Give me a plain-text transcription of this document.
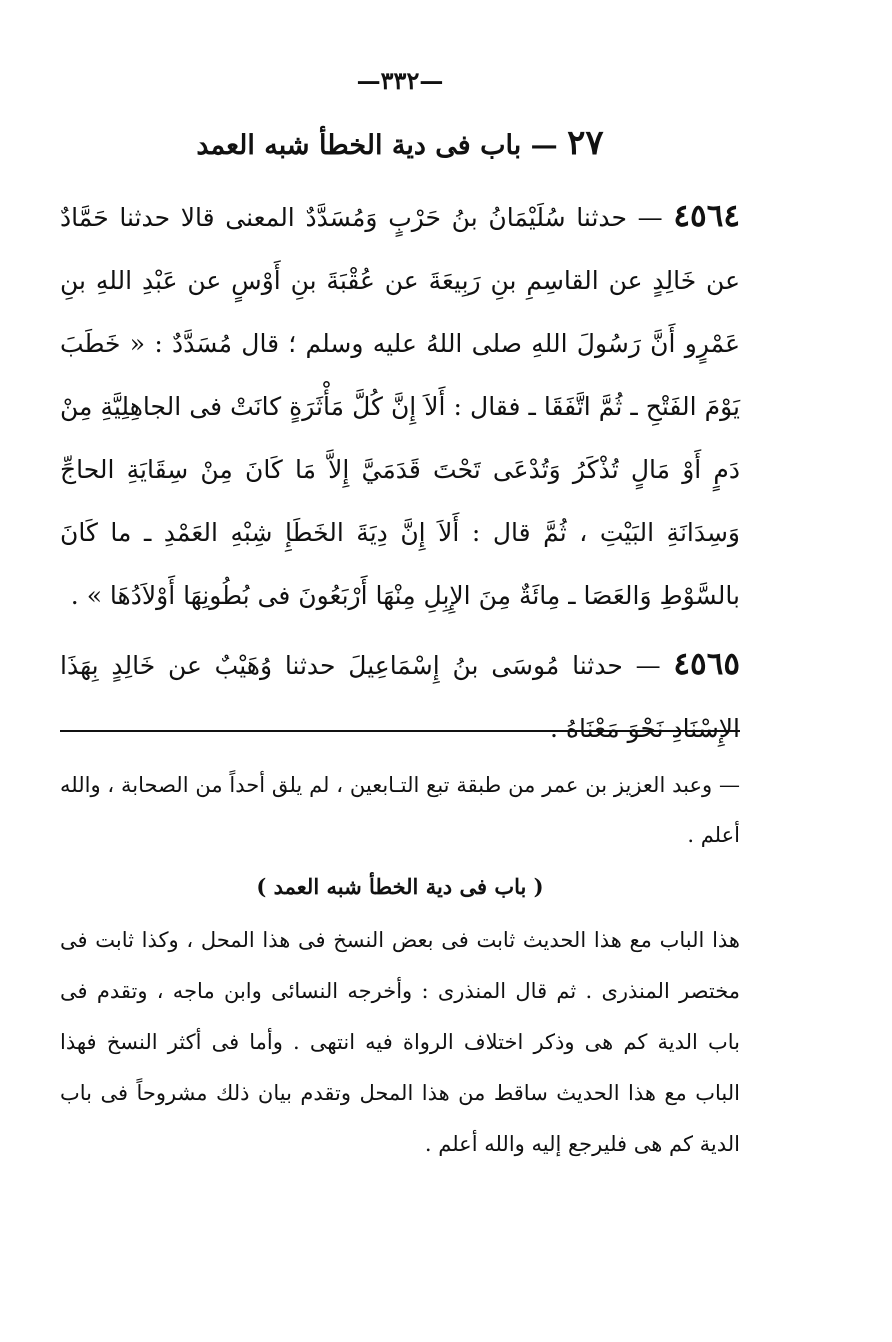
—٣٣٢—
٢٧ — باب فى دية الخطأ شبه العمد

٤٥٦٤ — حدثنا سُلَيْمَانُ بنُ حَرْبٍ وَمُسَدَّدٌ المعنى قالا حدثنا حَمَّادٌ عن خَالِدٍ عن القاسِمِ بنِ رَبِيعَةَ عن عُقْبَةَ بنِ أَوْسٍ عن عَبْدِ اللهِ بنِ عَمْرٍو أَنَّ رَسُولَ اللهِ صلى اللهُ عليه وسلم ؛ قال مُسَدَّدٌ : « خَطَبَ يَوْمَ الفَتْحِ ـ ثُمَّ اتَّفَقَا ـ فقال : أَلاَ إِنَّ كُلَّ مَأْثَرَةٍ كانَتْ فى الجاهِلِيَّةِ مِنْ دَمٍ أَوْ مَالٍ تُذْكَرُ وَتُدْعَى تَحْتَ قَدَمَيَّ إِلاَّ مَا كَانَ مِنْ سِقَايَةِ الحاجِّ وَسِدَانَةِ البَيْتِ ، ثُمَّ قال : أَلاَ إِنَّ دِيَةَ الخَطَإِ شِبْهِ العَمْدِ ـ ما كَانَ بالسَّوْطِ وَالعَصَا ـ مِائَةٌ مِنَ الإِبِلِ مِنْهَا أَرْبَعُونَ فى بُطُونِهَا أَوْلاَدُهَا » .

٤٥٦٥ — حدثنا مُوسَى بنُ إِسْمَاعِيلَ حدثنا وُهَيْبٌ عن خَالِدٍ بِهَذَا الإِسْنَادِ نَحْوَ مَعْنَاهُ .

— وعبد العزيز بن عمر من طبقة تبع التـابعين ، لم يلق أحداً من الصحابة ، والله أعلم .

( باب فى دية الخطأ شبه العمد )

هذا الباب مع هذا الحديث ثابت فى بعض النسخ فى هذا المحل ، وكذا ثابت فى مختصر المنذرى . ثم قال المنذرى : وأخرجه النسائى وابن ماجه ، وتقدم فى باب الدية كم هى وذكر اختلاف الرواة فيه انتهى . وأما فى أكثر النسخ فهذا الباب مع هذا الحديث ساقط من هذا المحل وتقدم بيان ذلك مشروحاً فى باب الدية كم هى فليرجع إليه والله أعلم .
